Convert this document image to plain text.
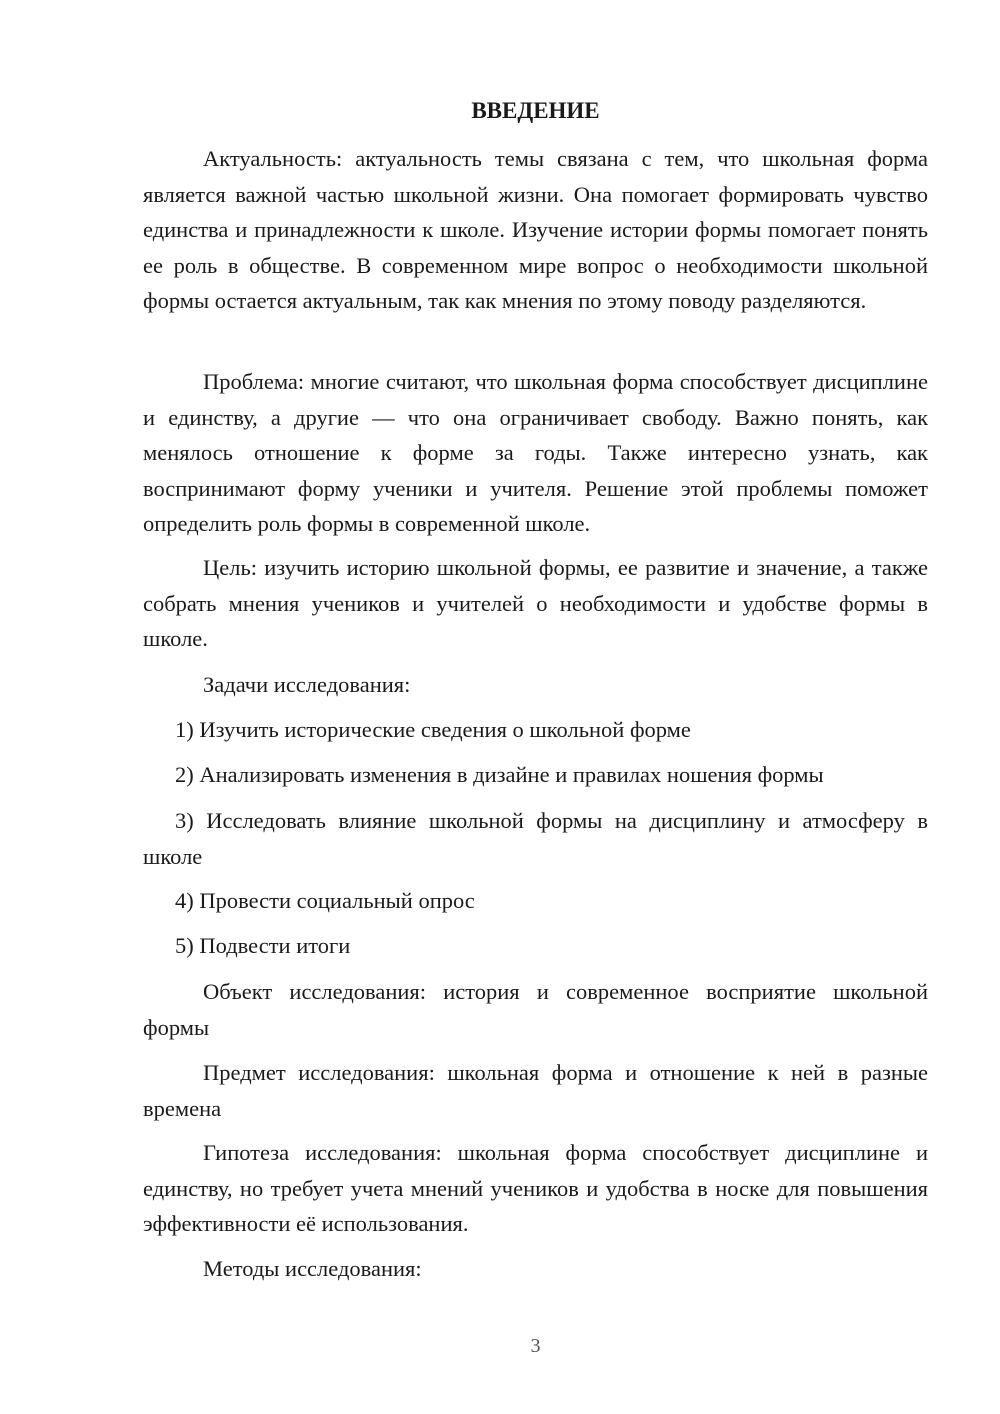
ВВЕДЕНИЕ

Актуальность: актуальность темы связана с тем, что школьная форма является важной частью школьной жизни. Она помогает формировать чувство единства и принадлежности к школе. Изучение истории формы помогает понять ее роль в обществе. В современном мире вопрос о необходимости школьной формы остается актуальным, так как мнения по этому поводу разделяются.

Проблема: многие считают, что школьная форма способствует дисциплине и единству, а другие — что она ограничивает свободу. Важно понять, как менялось отношение к форме за годы. Также интересно узнать, как воспринимают форму ученики и учителя. Решение этой проблемы поможет определить роль формы в современной школе.

Цель: изучить историю школьной формы, ее развитие и значение, а также собрать мнения учеников и учителей о необходимости и удобстве формы в школе.

Задачи исследования:

1) Изучить исторические сведения о школьной форме

2) Анализировать изменения в дизайне и правилах ношения формы

3) Исследовать влияние школьной формы на дисциплину и атмосферу в школе

4) Провести социальный опрос

5) Подвести итоги

Объект исследования: история и современное восприятие школьной формы

Предмет исследования: школьная форма и отношение к ней в разные времена

Гипотеза исследования: школьная форма способствует дисциплине и единству, но требует учета мнений учеников и удобства в носке для повышения эффективности её использования.

Методы исследования:

3
